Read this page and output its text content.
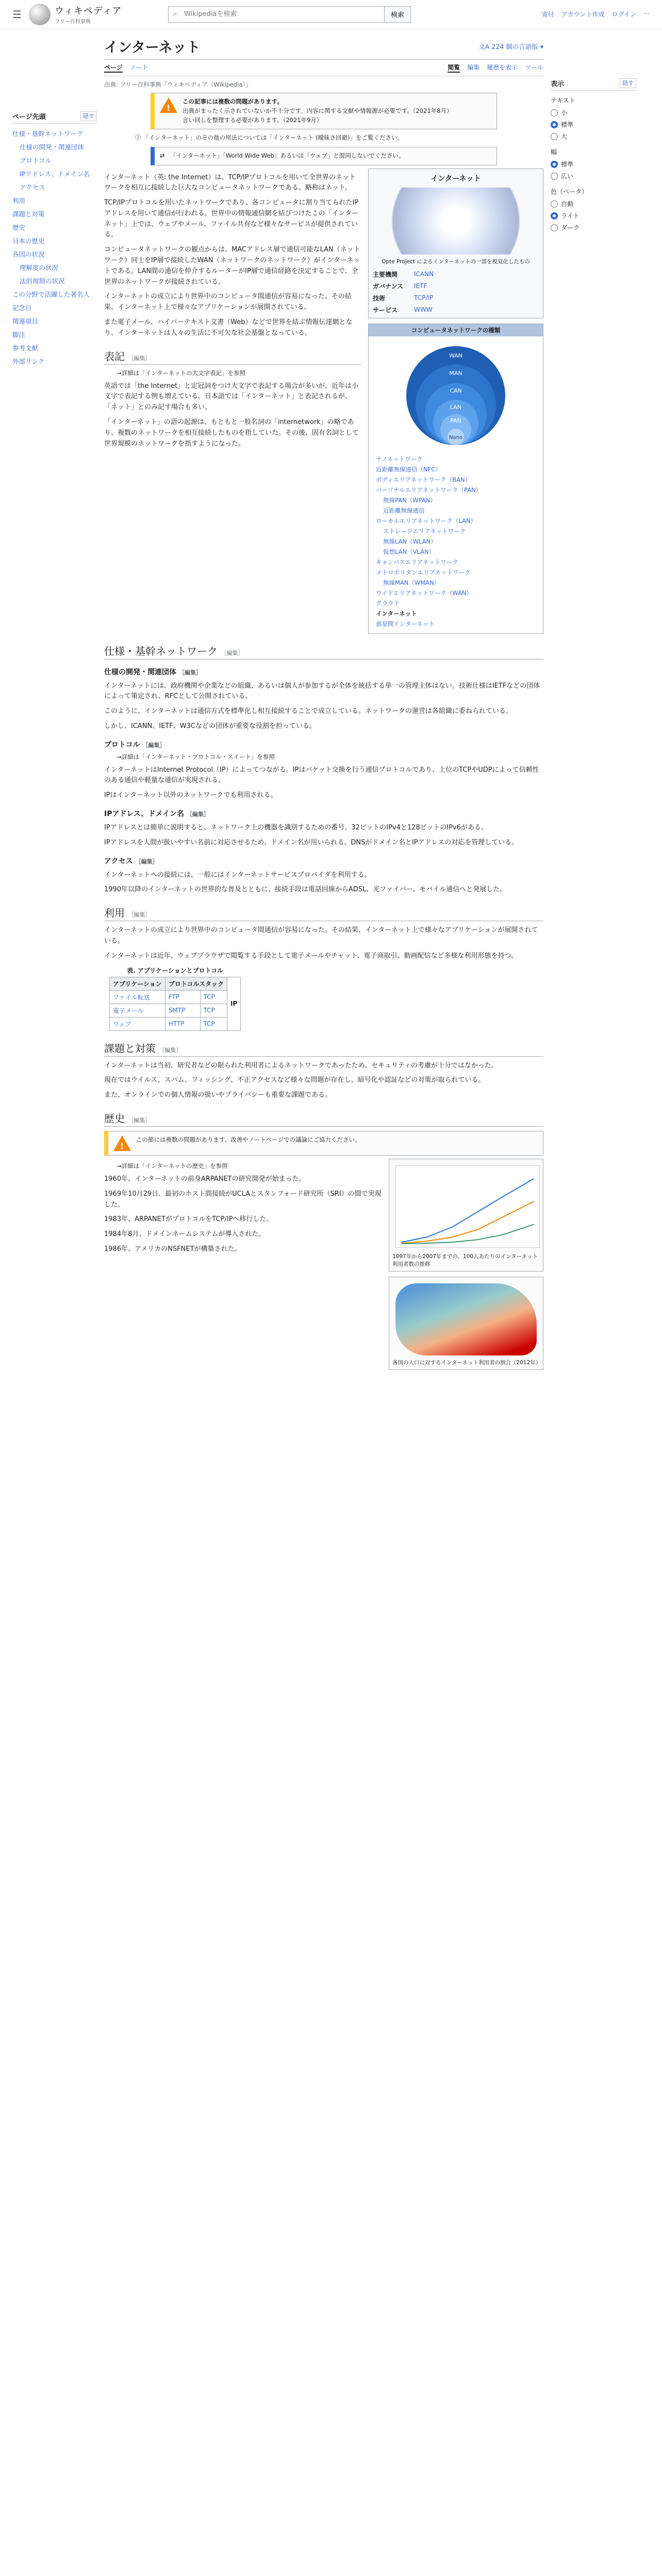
☰	ウィキペディア
フリー百科事典
⌕
Wikipediaを検索	検索	寄付 アカウント作成 ログイン ⋯
ページ先頭	隠す
仕様・基幹ネットワーク
仕様の開発・関連団体
プロトコル
IPアドレス、ドメイン名
アクセス
利用
課題と対策
歴史
日本の歴史
各国の状況
理解度の状況
法的規制の状況
この分野で活躍した著名人
記念日
関連項目
脚注
参考文献
外部リンク
インターネット	文A 224 個の言語版 ▾
ページ ノート	閲覧 編集 履歴を表示 ツール
出典: フリー百科事典『ウィキペディア（Wikipedia）』
!
この記事には複数の問題があります。
出典がまったく示されていないか不十分です。内容に関する文献や情報源が必要です。（2021年8月）
言い回しを整理する必要があります。（2021年9月）
ⓘ 「インターネット」のその他の用法については「インターネット (曖昧さ回避)」をご覧ください。
⇄ 「インターネット」「World Wide Web」あるいは「ウェブ」と混同しないでください。

インターネット（英: the Internet）は、TCP/IPプロトコルを用いて全世界のネットワークを相互に接続した巨大なコンピュータネットワークである。略称はネット。

TCP/IPプロトコルを用いたネットワークであり、各コンピュータに割り当てられたIPアドレスを用いて通信が行われる。世界中の情報通信網を結びつけたこの「インターネット」上では、ウェブやメール、ファイル共有など様々なサービスが提供されている。

コンピュータネットワークの観点からは、MACアドレス層で通信可能なLAN（ネットワーク）同士をIP層で接続したWAN（ネットワークのネットワーク）がインターネットである。LAN間の通信を仲介するルーターがIP層で通信経路を決定することで、全世界のネットワークが接続されている。

インターネットの成立により世界中のコンピュータ間通信が容易になった。その結果、インターネット上で様々なアプリケーションが展開されている。

また電子メール、ハイパーテキスト文書（Web）などで世界を結ぶ情報伝達網となり、インターネットは人々の生活に不可欠な社会基盤となっている。

表記 ［編集］
→詳細は「インターネットの大文字表記」を参照

英語では「the Internet」と定冠詞をつけ大文字で表記する場合が多いが、近年は小文字で表記する例も増えている。日本語では「インターネット」と表記されるが、「ネット」とのみ記す場合も多い。

「インターネット」の語の起源は、もともと一般名詞の「internetwork」の略であり、複数のネットワークを相互接続したものを指していた。その後、固有名詞として世界規模のネットワークを指すようになった。

インターネット
Opte Project によるインターネットの一部を視覚化したもの
主要機関	ICANN
ガバナンス	IETF
技術	TCP/IP
サービス	WWW
コンピュータネットワークの種類
WAN
MAN
CAN
LAN
PAN
Nano
ナノネットワーク
近距離無線通信（NFC）
ボディエリアネットワーク（BAN）
パーソナルエリアネットワーク（PAN）
無線PAN（WPAN）
近距離無線通信
ローカルエリアネットワーク（LAN）
ストレージエリアネットワーク
無線LAN（WLAN）
仮想LAN（VLAN）
キャンパスエリアネットワーク
メトロポリタンエリアネットワーク
無線MAN（WMAN）
ワイドエリアネットワーク（WAN）
クラウド
インターネット
惑星間インターネット
仕様・基幹ネットワーク ［編集］
仕様の開発・関連団体 ［編集］

インターネットには、政府機関や企業などの組織、あるいは個人が参加するが全体を統括する単一の管理主体はない。技術仕様はIETFなどの団体によって策定され、RFCとして公開されている。

このように、インターネットは通信方式を標準化し相互接続することで成立している。ネットワークの運営は各組織に委ねられている。

しかし、ICANN、IETF、W3Cなどの団体が重要な役割を担っている。

プロトコル ［編集］
→詳細は「インターネット・プロトコル・スイート」を参照

インターネットはInternet Protocol（IP）によってつながる。IPはパケット交換を行う通信プロトコルであり、上位のTCPやUDPによって信頼性のある通信や軽量な通信が実現される。

IPはインターネット以外のネットワークでも利用される。

IPアドレス、ドメイン名 ［編集］

IPアドレスとは簡単に説明すると、ネットワーク上の機器を識別するための番号。32ビットのIPv4と128ビットのIPv6がある。

IPアドレスを人間が扱いやすい名前に対応させるため、ドメイン名が用いられる。DNSがドメイン名とIPアドレスの対応を管理している。

アクセス ［編集］

インターネットへの接続には、一般にはインターネットサービスプロバイダを利用する。

1990年以降のインターネットの世界的な普及とともに、接続手段は電話回線からADSL、光ファイバー、モバイル通信へと発展した。

利用 ［編集］

インターネットの成立により世界中のコンピュータ間通信が容易になった。その結果、インターネット上で様々なアプリケーションが展開されている。

インターネットは近年、ウェブブラウザで閲覧する手段として電子メールやチャット、電子商取引、動画配信など多様な利用形態を持つ。

表. アプリケーションとプロトコル
アプリケーション	プロトコルスタック		IP
ファイル転送	FTP	TCP	
電子メール	SMTP	TCP	
ウェブ	HTTP	TCP	
課題と対策 ［編集］

インターネットは当初、研究者などの限られた利用者によるネットワークであったため、セキュリティの考慮が十分ではなかった。

現在ではウイルス、スパム、フィッシング、不正アクセスなど様々な問題が存在し、暗号化や認証などの対策が取られている。

また、オンラインでの個人情報の扱いやプライバシーも重要な課題である。

歴史 ［編集］
!
この節には複数の問題があります。改善やノートページでの議論にご協力ください。
→詳細は「インターネットの歴史」を参照

1960年、インターネットの前身ARPANETの研究開発が始まった。

1969年10月29日、最初のホスト間接続がUCLAとスタンフォード研究所（SRI）の間で実現した。

1983年、ARPANETがプロトコルをTCP/IPへ移行した。

1984年8月、ドメインネームシステムが導入された。

1986年、アメリカのNSFNETが構築された。

1997年から2007年までの、100人あたりのインターネット利用者数の推移
各国の人口に対するインターネット利用者の割合（2012年）
表示	隠す
テキスト
小
標準
大
幅
標準
広い
色（ベータ）
自動
ライト
ダーク
